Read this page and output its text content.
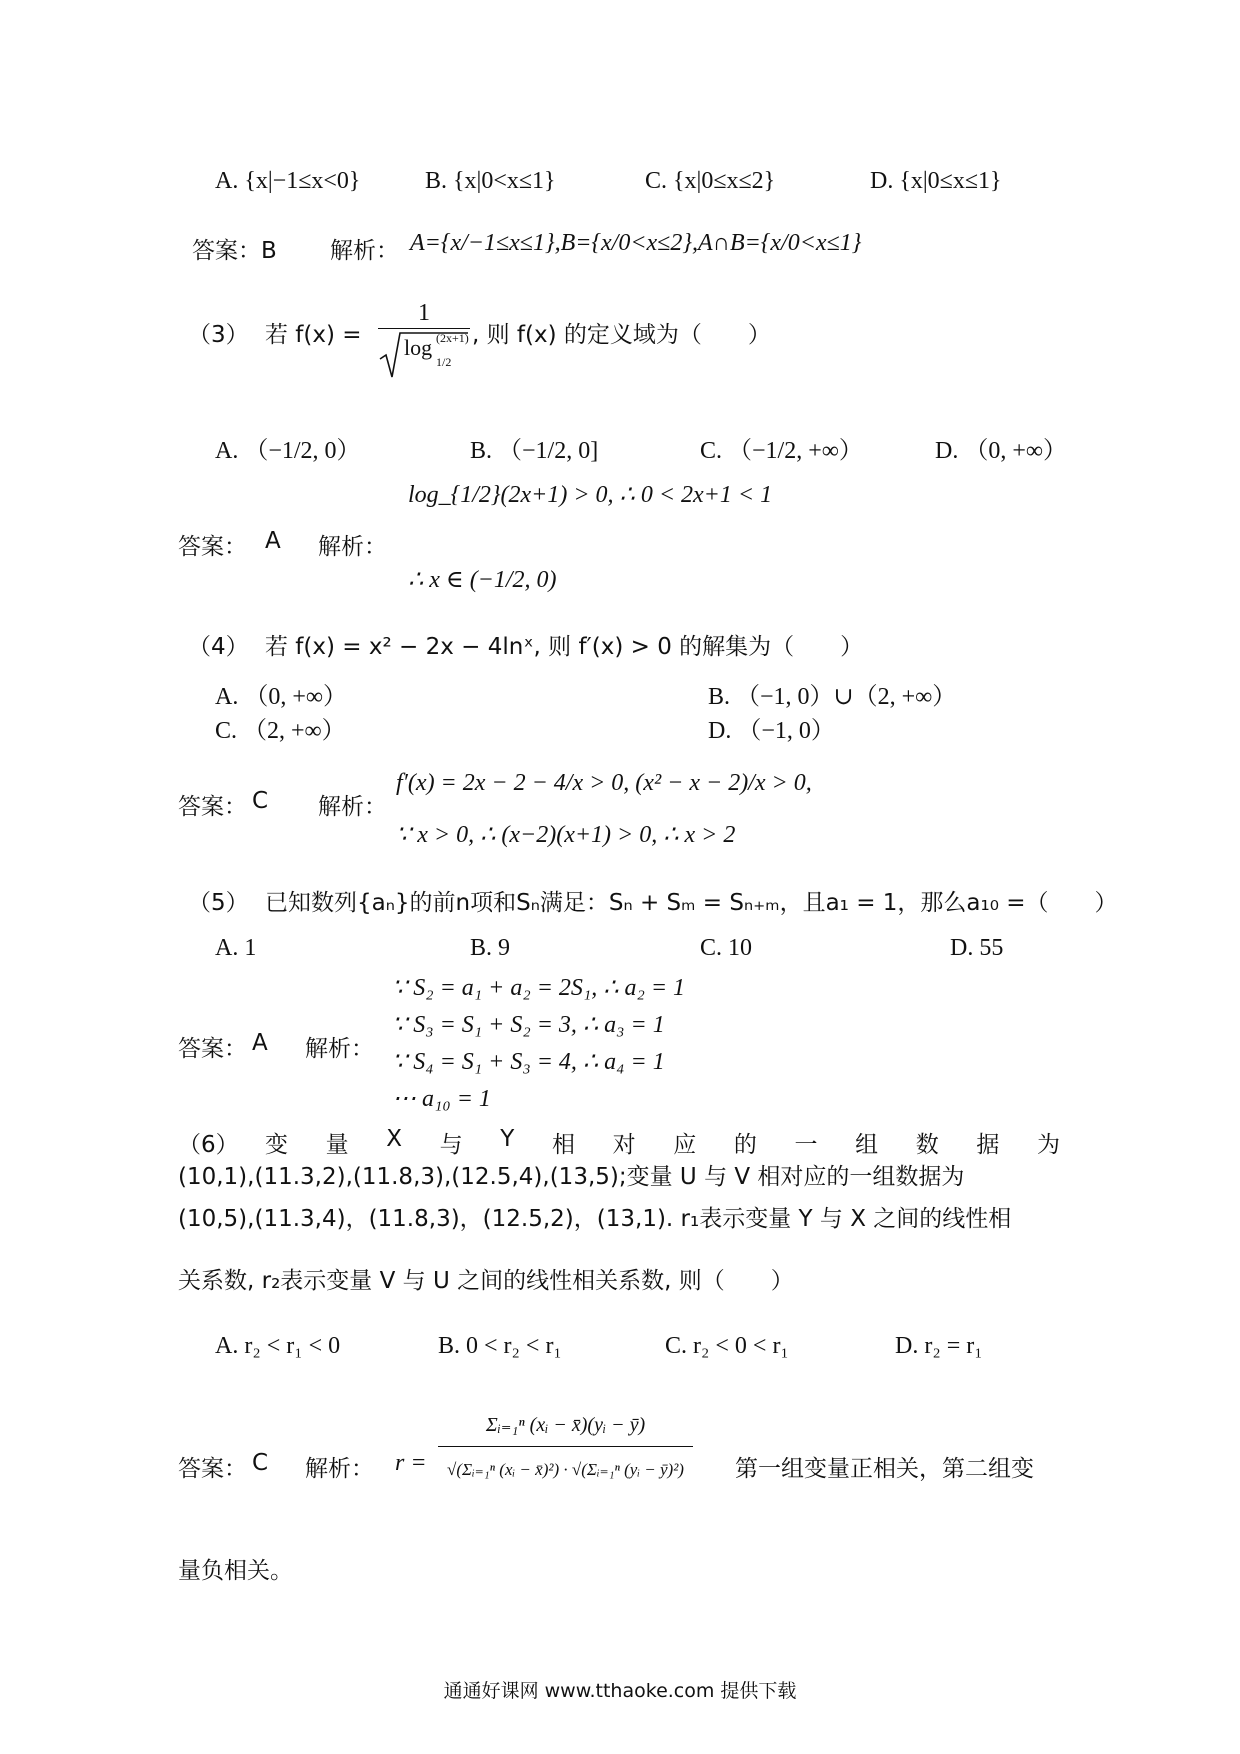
A. {x|−1≤x<0}	B. {x|0<x≤1}	C. {x|0≤x≤2}	D. {x|0≤x≤1}
答案：B 解析： A={x/−1≤x≤1},B={x/0<x≤2},A∩B={x/0<x≤1}
（3） 若 f(x) =
1
log (2x+1)
1/2
, 则 f(x) 的定义域为（　　）
A. （−1/2, 0）	B. （−1/2, 0]	C. （−1/2, +∞）	D. （0, +∞）
log_{1/2}(2x+1) > 0, ∴ 0 < 2x+1 < 1
答案： A 解析：
∴ x ∈ (−1/2, 0)
（4） 若 f(x) = x² − 2x − 4lnˣ, 则 f′(x) > 0 的解集为（　　）
A. （0, +∞）	B. （−1, 0）∪（2, +∞）
C. （2, +∞）	D. （−1, 0）
答案： C 解析：
f′(x) = 2x − 2 − 4/x > 0, (x² − x − 2)/x > 0,
∵ x > 0, ∴ (x−2)(x+1) > 0, ∴ x > 2
（5） 已知数列{aₙ}的前n项和Sₙ满足：Sₙ + Sₘ = Sₙ₊ₘ，且a₁ = 1，那么a₁₀ =（　　）
A. 1	B. 9	C. 10	D. 55
∵ S₂ = a₁ + a₂ = 2S₁, ∴ a₂ = 1
∵ S₃ = S₁ + S₂ = 3, ∴ a₃ = 1
答案： A 解析： ∵ S₄ = S₁ + S₃ = 4, ∴ a₄ = 1
⋯ a₁₀ = 1
（6） 变 量 X 与 Y 相 对 应 的 一 组 数 据 为
(10,1),(11.3,2),(11.8,3),(12.5,4),(13,5);变量 U 与 V 相对应的一组数据为
(10,5),(11.3,4)，(11.8,3)，(12.5,2)，(13,1). r₁表示变量 Y 与 X 之间的线性相
关系数, r₂表示变量 V 与 U 之间的线性相关系数, 则（　　）
A. r₂ < r₁ < 0	B. 0 < r₂ < r₁	C. r₂ < 0 < r₁	D. r₂ = r₁
答案： C 解析： $r = \frac{\text{Σᵢ₌₁ⁿ (xᵢ − x̄)(yᵢ − ȳ)}}{\text{√(Σᵢ₌₁ⁿ (xᵢ − x̄)²) · √(Σᵢ₌₁ⁿ (yᵢ − ȳ)²)}}$ 第一组变量正相关，第二组变
量负相关。
通通好课网 www.tthaoke.com 提供下载
